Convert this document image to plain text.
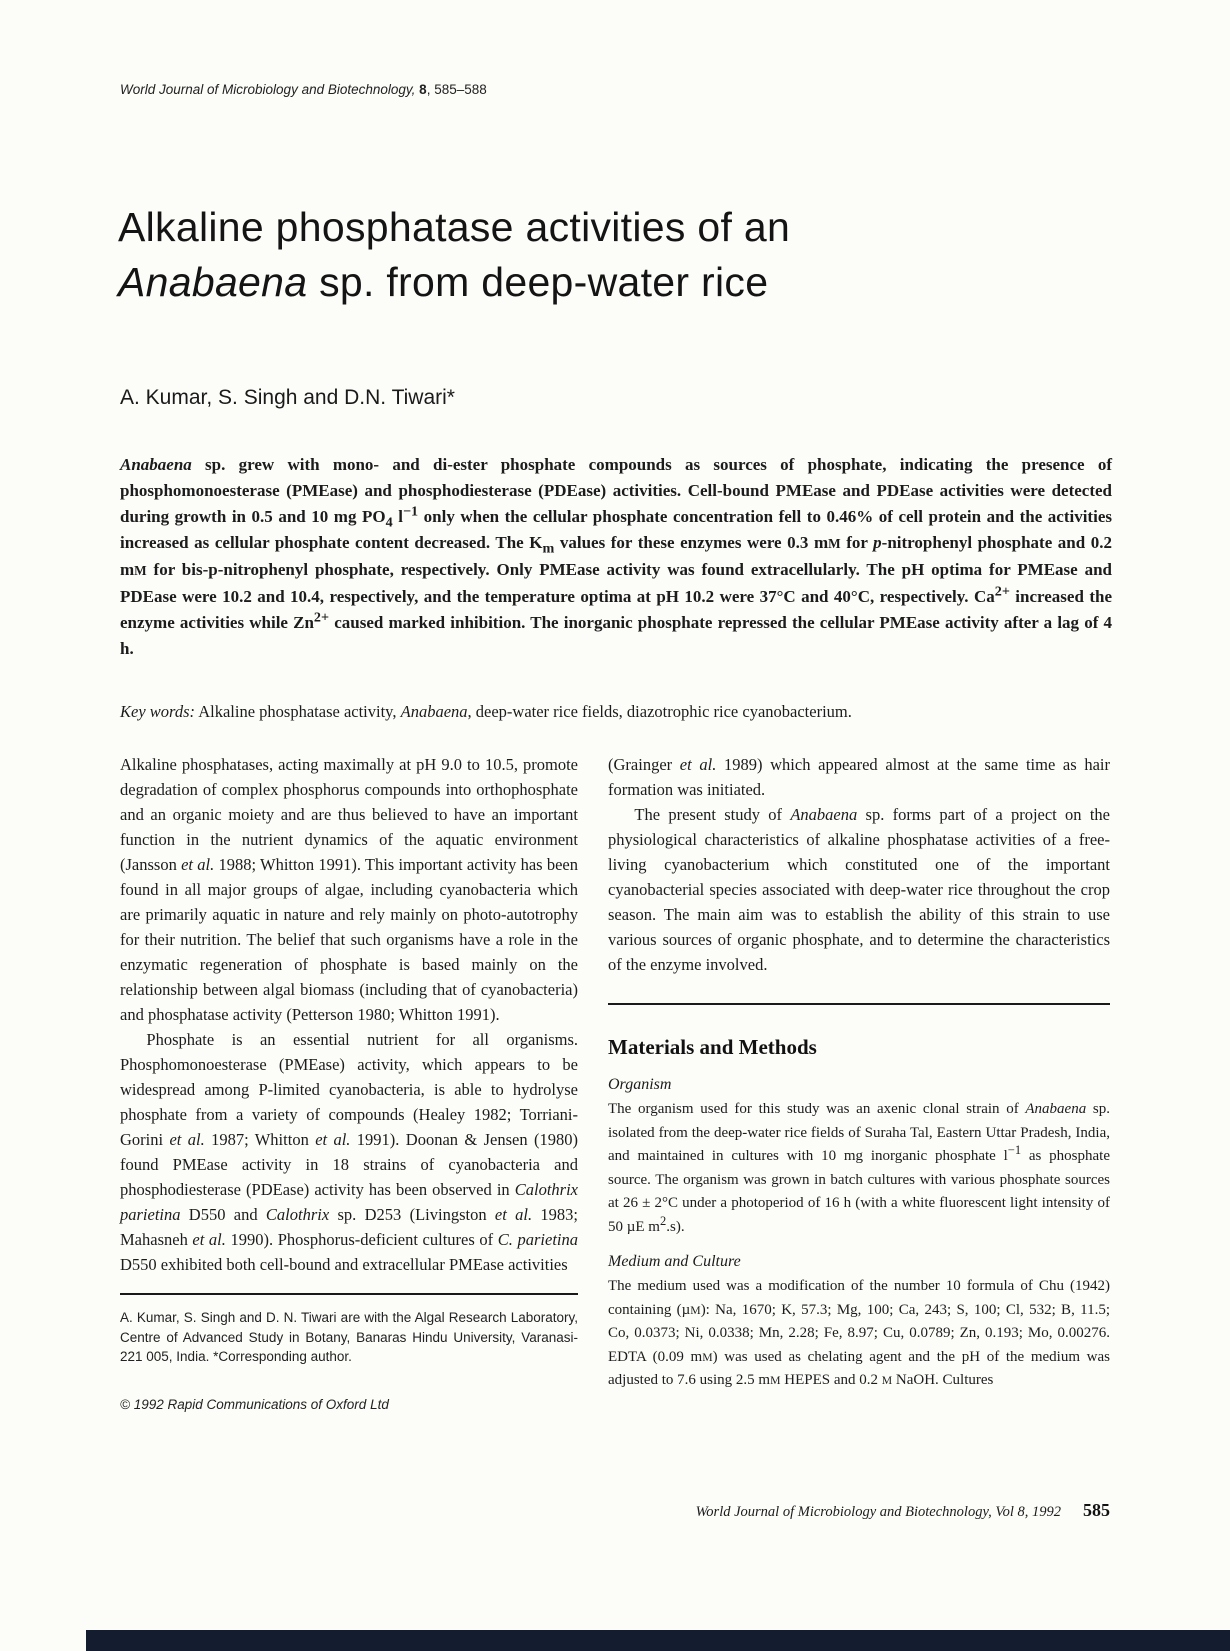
World Journal of Microbiology and Biotechnology, 8, 585–588
Alkaline phosphatase activities of an
Anabaena sp. from deep-water rice
A. Kumar, S. Singh and D.N. Tiwari*
Anabaena sp. grew with mono- and di-ester phosphate compounds as sources of phosphate, indicating the presence of phosphomonoesterase (PMEase) and phosphodiesterase (PDEase) activities. Cell-bound PMEase and PDEase activities were detected during growth in 0.5 and 10 mg $PO_4$ $l^{-1}$ only when the cellular phosphate concentration fell to 0.46% of cell protein and the activities increased as cellular phosphate content decreased. The $K_m$ values for these enzymes were 0.3 mM for p-nitrophenyl phosphate and 0.2 mM for bis-p-nitrophenyl phosphate, respectively. Only PMEase activity was found extracellularly. The pH optima for PMEase and PDEase were 10.2 and 10.4, respectively, and the temperature optima at pH 10.2 were 37°C and 40°C, respectively. $Ca^{2+}$ increased the enzyme activities while $Zn^{2+}$ caused marked inhibition. The inorganic phosphate repressed the cellular PMEase activity after a lag of 4 h.
Key words: Alkaline phosphatase activity, Anabaena, deep-water rice fields, diazotrophic rice cyanobacterium.

Alkaline phosphatases, acting maximally at pH 9.0 to 10.5, promote degradation of complex phosphorus compounds into orthophosphate and an organic moiety and are thus believed to have an important function in the nutrient dynamics of the aquatic environment (Jansson et al. 1988; Whitton 1991). This important activity has been found in all major groups of algae, including cyanobacteria which are primarily aquatic in nature and rely mainly on photo-autotrophy for their nutrition. The belief that such organisms have a role in the enzymatic regeneration of phosphate is based mainly on the relationship between algal biomass (including that of cyanobacteria) and phosphatase activity (Petterson 1980; Whitton 1991).

Phosphate is an essential nutrient for all organisms. Phosphomonoesterase (PMEase) activity, which appears to be widespread among P-limited cyanobacteria, is able to hydrolyse phosphate from a variety of compounds (Healey 1982; Torriani-Gorini et al. 1987; Whitton et al. 1991). Doonan & Jensen (1980) found PMEase activity in 18 strains of cyanobacteria and phosphodiesterase (PDEase) activity has been observed in Calothrix parietina D550 and Calothrix sp. D253 (Livingston et al. 1983; Mahasneh et al. 1990). Phosphorus-deficient cultures of C. parietina D550 exhibited both cell-bound and extracellular PMEase activities

A. Kumar, S. Singh and D. N. Tiwari are with the Algal Research Laboratory, Centre of Advanced Study in Botany, Banaras Hindu University, Varanasi-221 005, India. *Corresponding author.

© 1992 Rapid Communications of Oxford Ltd

(Grainger et al. 1989) which appeared almost at the same time as hair formation was initiated.

The present study of Anabaena sp. forms part of a project on the physiological characteristics of alkaline phosphatase activities of a free-living cyanobacterium which constituted one of the important cyanobacterial species associated with deep-water rice throughout the crop season. The main aim was to establish the ability of this strain to use various sources of organic phosphate, and to determine the characteristics of the enzyme involved.

Materials and Methods
Organism

The organism used for this study was an axenic clonal strain of Anabaena sp. isolated from the deep-water rice fields of Suraha Tal, Eastern Uttar Pradesh, India, and maintained in cultures with 10 mg inorganic phosphate $l^{-1}$ as phosphate source. The organism was grown in batch cultures with various phosphate sources at 26 ± 2°C under a photoperiod of 16 h (with a white fluorescent light intensity of 50 µE $m^2.s$).

Medium and Culture

The medium used was a modification of the number 10 formula of Chu (1942) containing (µM): Na, 1670; K, 57.3; Mg, 100; Ca, 243; S, 100; Cl, 532; B, 11.5; Co, 0.0373; Ni, 0.0338; Mn, 2.28; Fe, 8.97; Cu, 0.0789; Zn, 0.193; Mo, 0.00276. EDTA (0.09 mM) was used as chelating agent and the pH of the medium was adjusted to 7.6 using 2.5 mM HEPES and 0.2 M NaOH. Cultures

World Journal of Microbiology and Biotechnology, Vol 8, 1992 585
